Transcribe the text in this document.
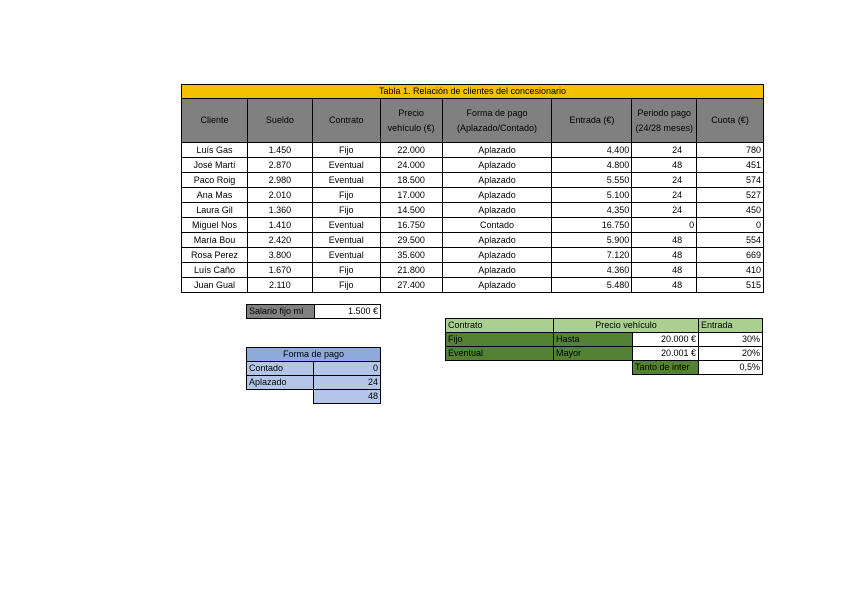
Tabla 1. Relación de clientes del concesionario							
Cliente	Sueldo	Contrato	Precio vehículo (€)	Forma de pago (Aplazado/Contado)	Entrada (€)	Periodo pago (24/28 meses)	Cuota (€)
Luís Gas	1.450	Fijo	22.000	Aplazado	4.400	24	780
José Martí	2.870	Eventual	24.000	Aplazado	4.800	48	451
Paco Roig	2.980	Eventual	18.500	Aplazado	5.550	24	574
Ana Mas	2.010	Fijo	17.000	Aplazado	5.100	24	527
Laura Gil	1.360	Fijo	14.500	Aplazado	4.350	24	450
Miguel Nos	1.410	Eventual	16.750	Contado	16.750	0	0
María Bou	2.420	Eventual	29.500	Aplazado	5.900	48	554
Rosa Perez	3.800	Eventual	35.600	Aplazado	7.120	48	669
Luís Caño	1.670	Fijo	21.800	Aplazado	4.360	48	410
Juan Gual	2.110	Fijo	27.400	Aplazado	5.480	48	515
Salario fijo mí	1.500 €
Forma de pago	
Contado	0
Aplazado	24
	48
Contrato	Precio vehículo		Entrada
Fijo	Hasta	20.000 €	30%
Eventual	Mayor	20.001 €	20%
		Tanto de inter	0,5%
